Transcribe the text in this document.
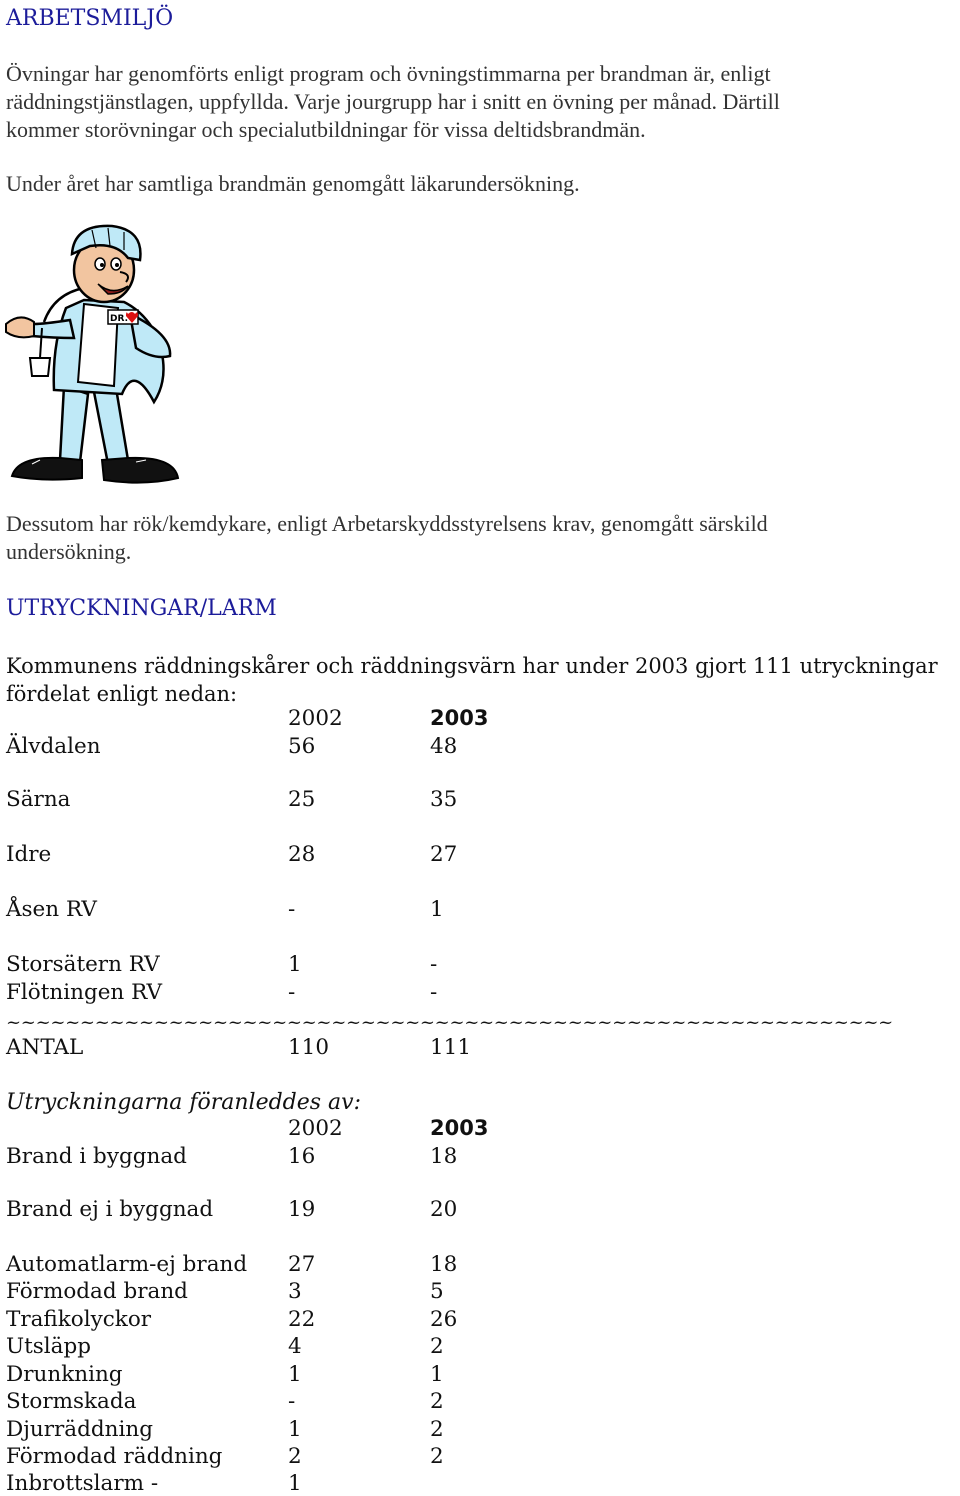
ARBETSMILJÖ
Övningar har genomförts enligt program och övningstimmarna per brandman är, enligt
räddningstjänstlagen, uppfyllda. Varje jourgrupp har i snitt en övning per månad. Därtill
kommer storövningar och specialutbildningar för vissa deltidsbrandmän.
Under året har samtliga brandmän genomgått läkarundersökning.
DR.
Dessutom har rök/kemdykare, enligt Arbetarskyddsstyrelsens krav, genomgått särskild
undersökning.
UTRYCKNINGAR/LARM
Kommunens räddningskårer och räddningsvärn har under 2003 gjort 111 utryckningar
fördelat enligt nedan:
2002	2003
Älvdalen	56	48
Särna	25	35
Idre	28	27
Åsen RV	-	1
Storsätern RV	1	-
Flötningen RV	-	-
~~~~~~~~~~~~~~~~~~~~~~~~~~~~~~~~~~~~~~~~~~~~~~~~~~~~~~~~~~~~
ANTAL	110	111
Utryckningarna föranleddes av:
2002	2003
Brand i byggnad	16	18
Brand ej i byggnad	19	20
Automatlarm-ej brand 27	18
Förmodad brand	3	5
Trafikolyckor	22	26
Utsläpp	4	2
Drunkning	1	1
Stormskada	-	2
Djurräddning	1	2
Förmodad räddning	2	2
Inbrottslarm -	1
